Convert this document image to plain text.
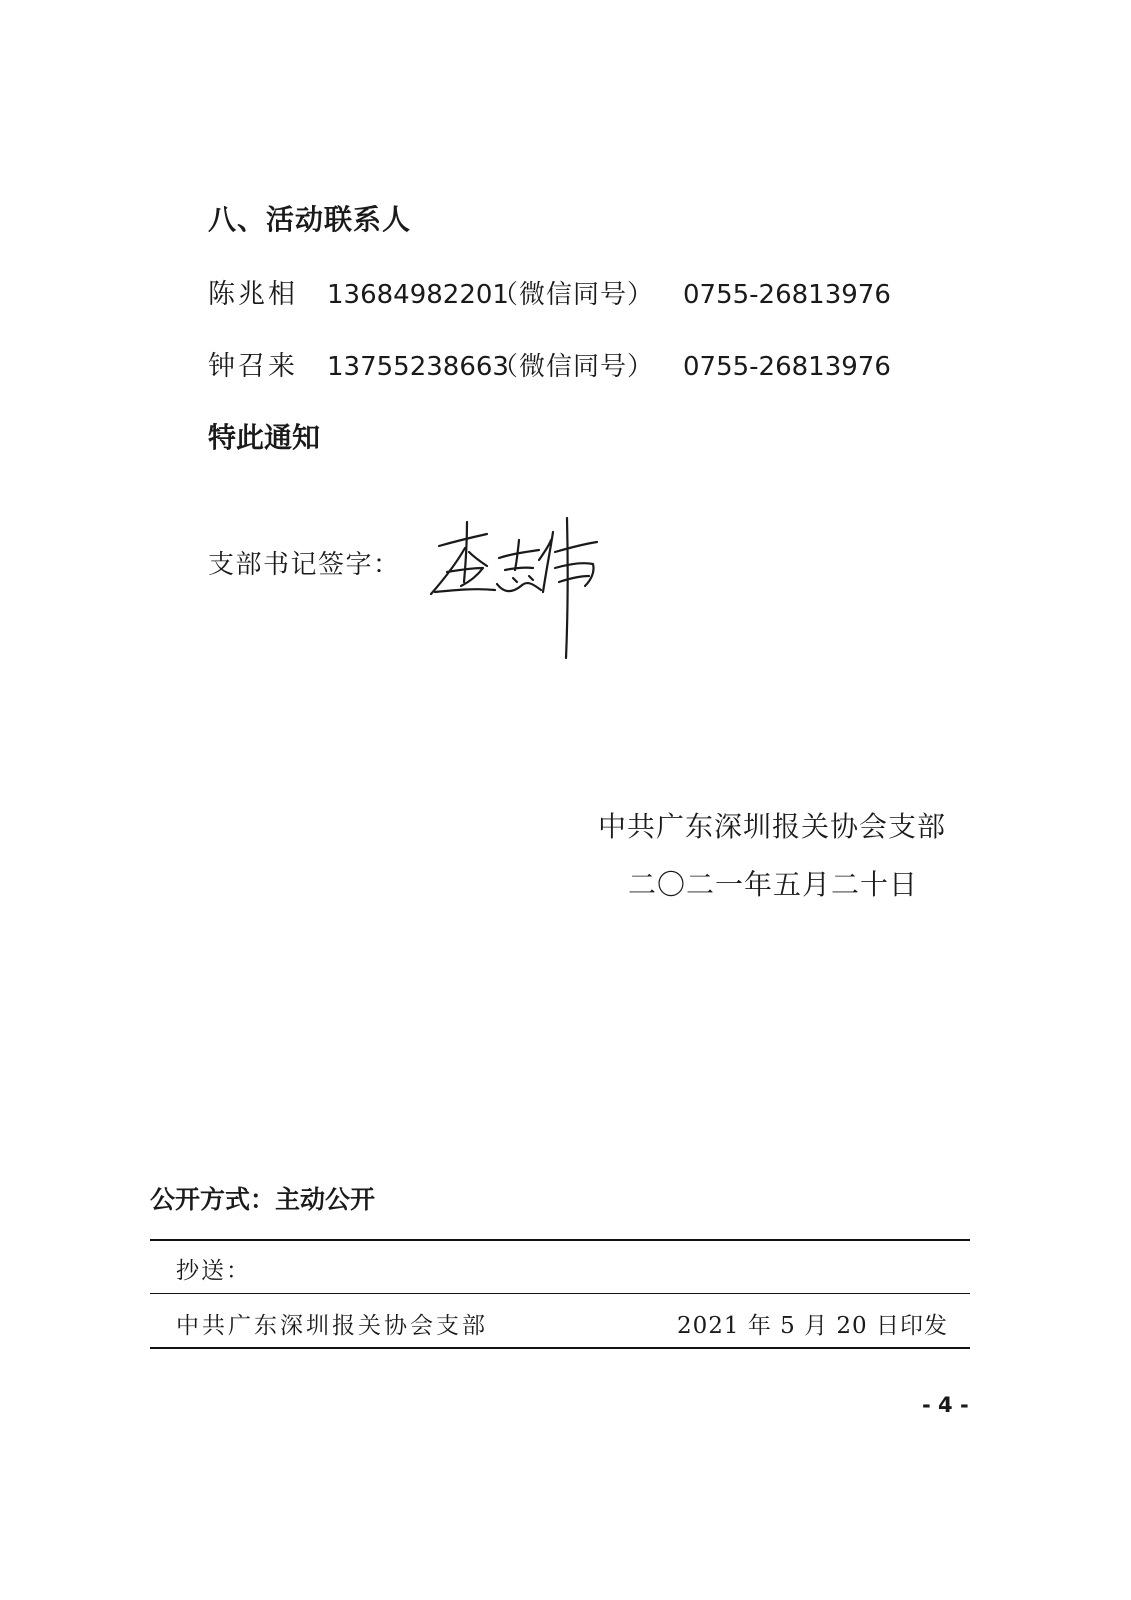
八、活动联系人
陈兆相 13684982201
（微信同号） 0755-26813976
钟召来 13755238663
（微信同号） 0755-26813976
特此通知
支部书记签字：
中共广东深圳报关协会支部
二〇二一年五月二十日
公开方式：主动公开
抄送：
中共广东深圳报关协会支部	2021 年 5 月 20 日印发
- 4 -
